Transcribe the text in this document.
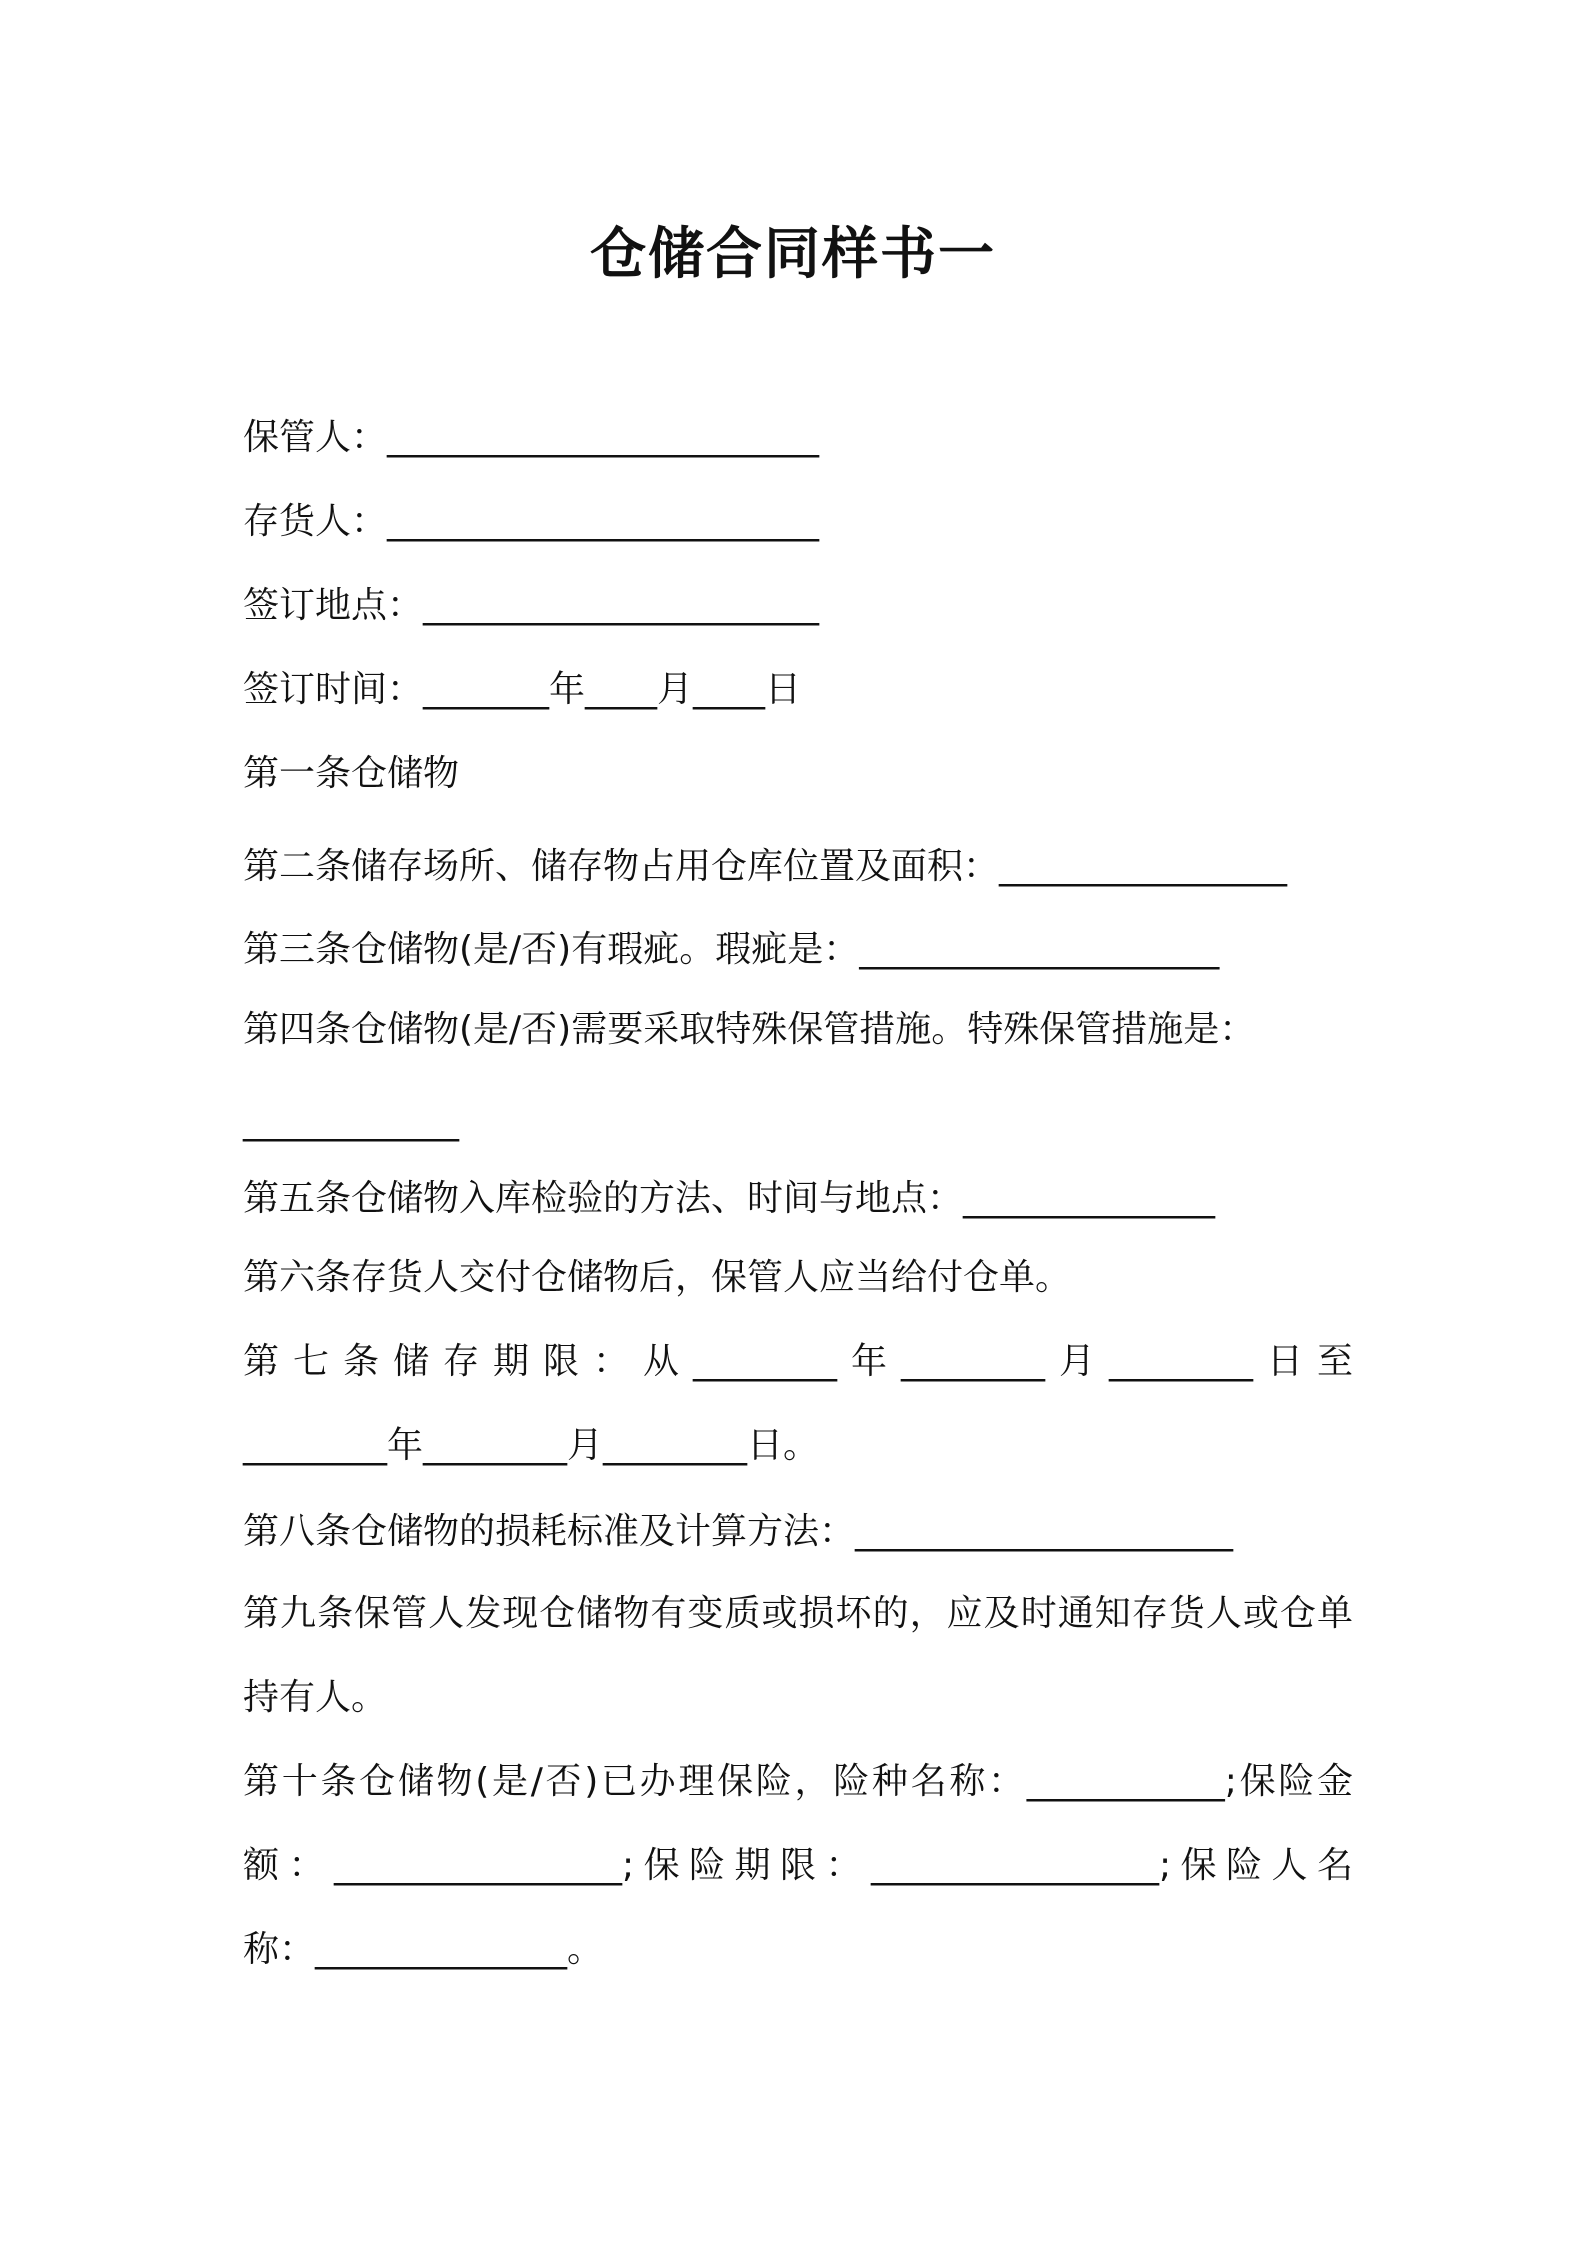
仓储合同样书一
保管人：________________________
存货人：________________________
签订地点：______________________
签订时间：_______年____月____日
第一条仓储物
第二条储存场所、储存物占用仓库位置及面积：________________
第三条仓储物(是/否)有瑕疵。瑕疵是：____________________
第四条仓储物(是/否)需要采取特殊保管措施。特殊保管措施是：
____________
第五条仓储物入库检验的方法、时间与地点：______________
第六条存货人交付仓储物后，保管人应当给付仓单。
第七条储存期限：从________年________月________日至
________年________月________日。
第八条仓储物的损耗标准及计算方法：_____________________
第九条保管人发现仓储物有变质或损坏的，应及时通知存货人或仓单
持有人。
第十条仓储物(是/否)已办理保险，险种名称：___________;保险金
额：________________;保险期限：________________;保险人名
称：______________。
